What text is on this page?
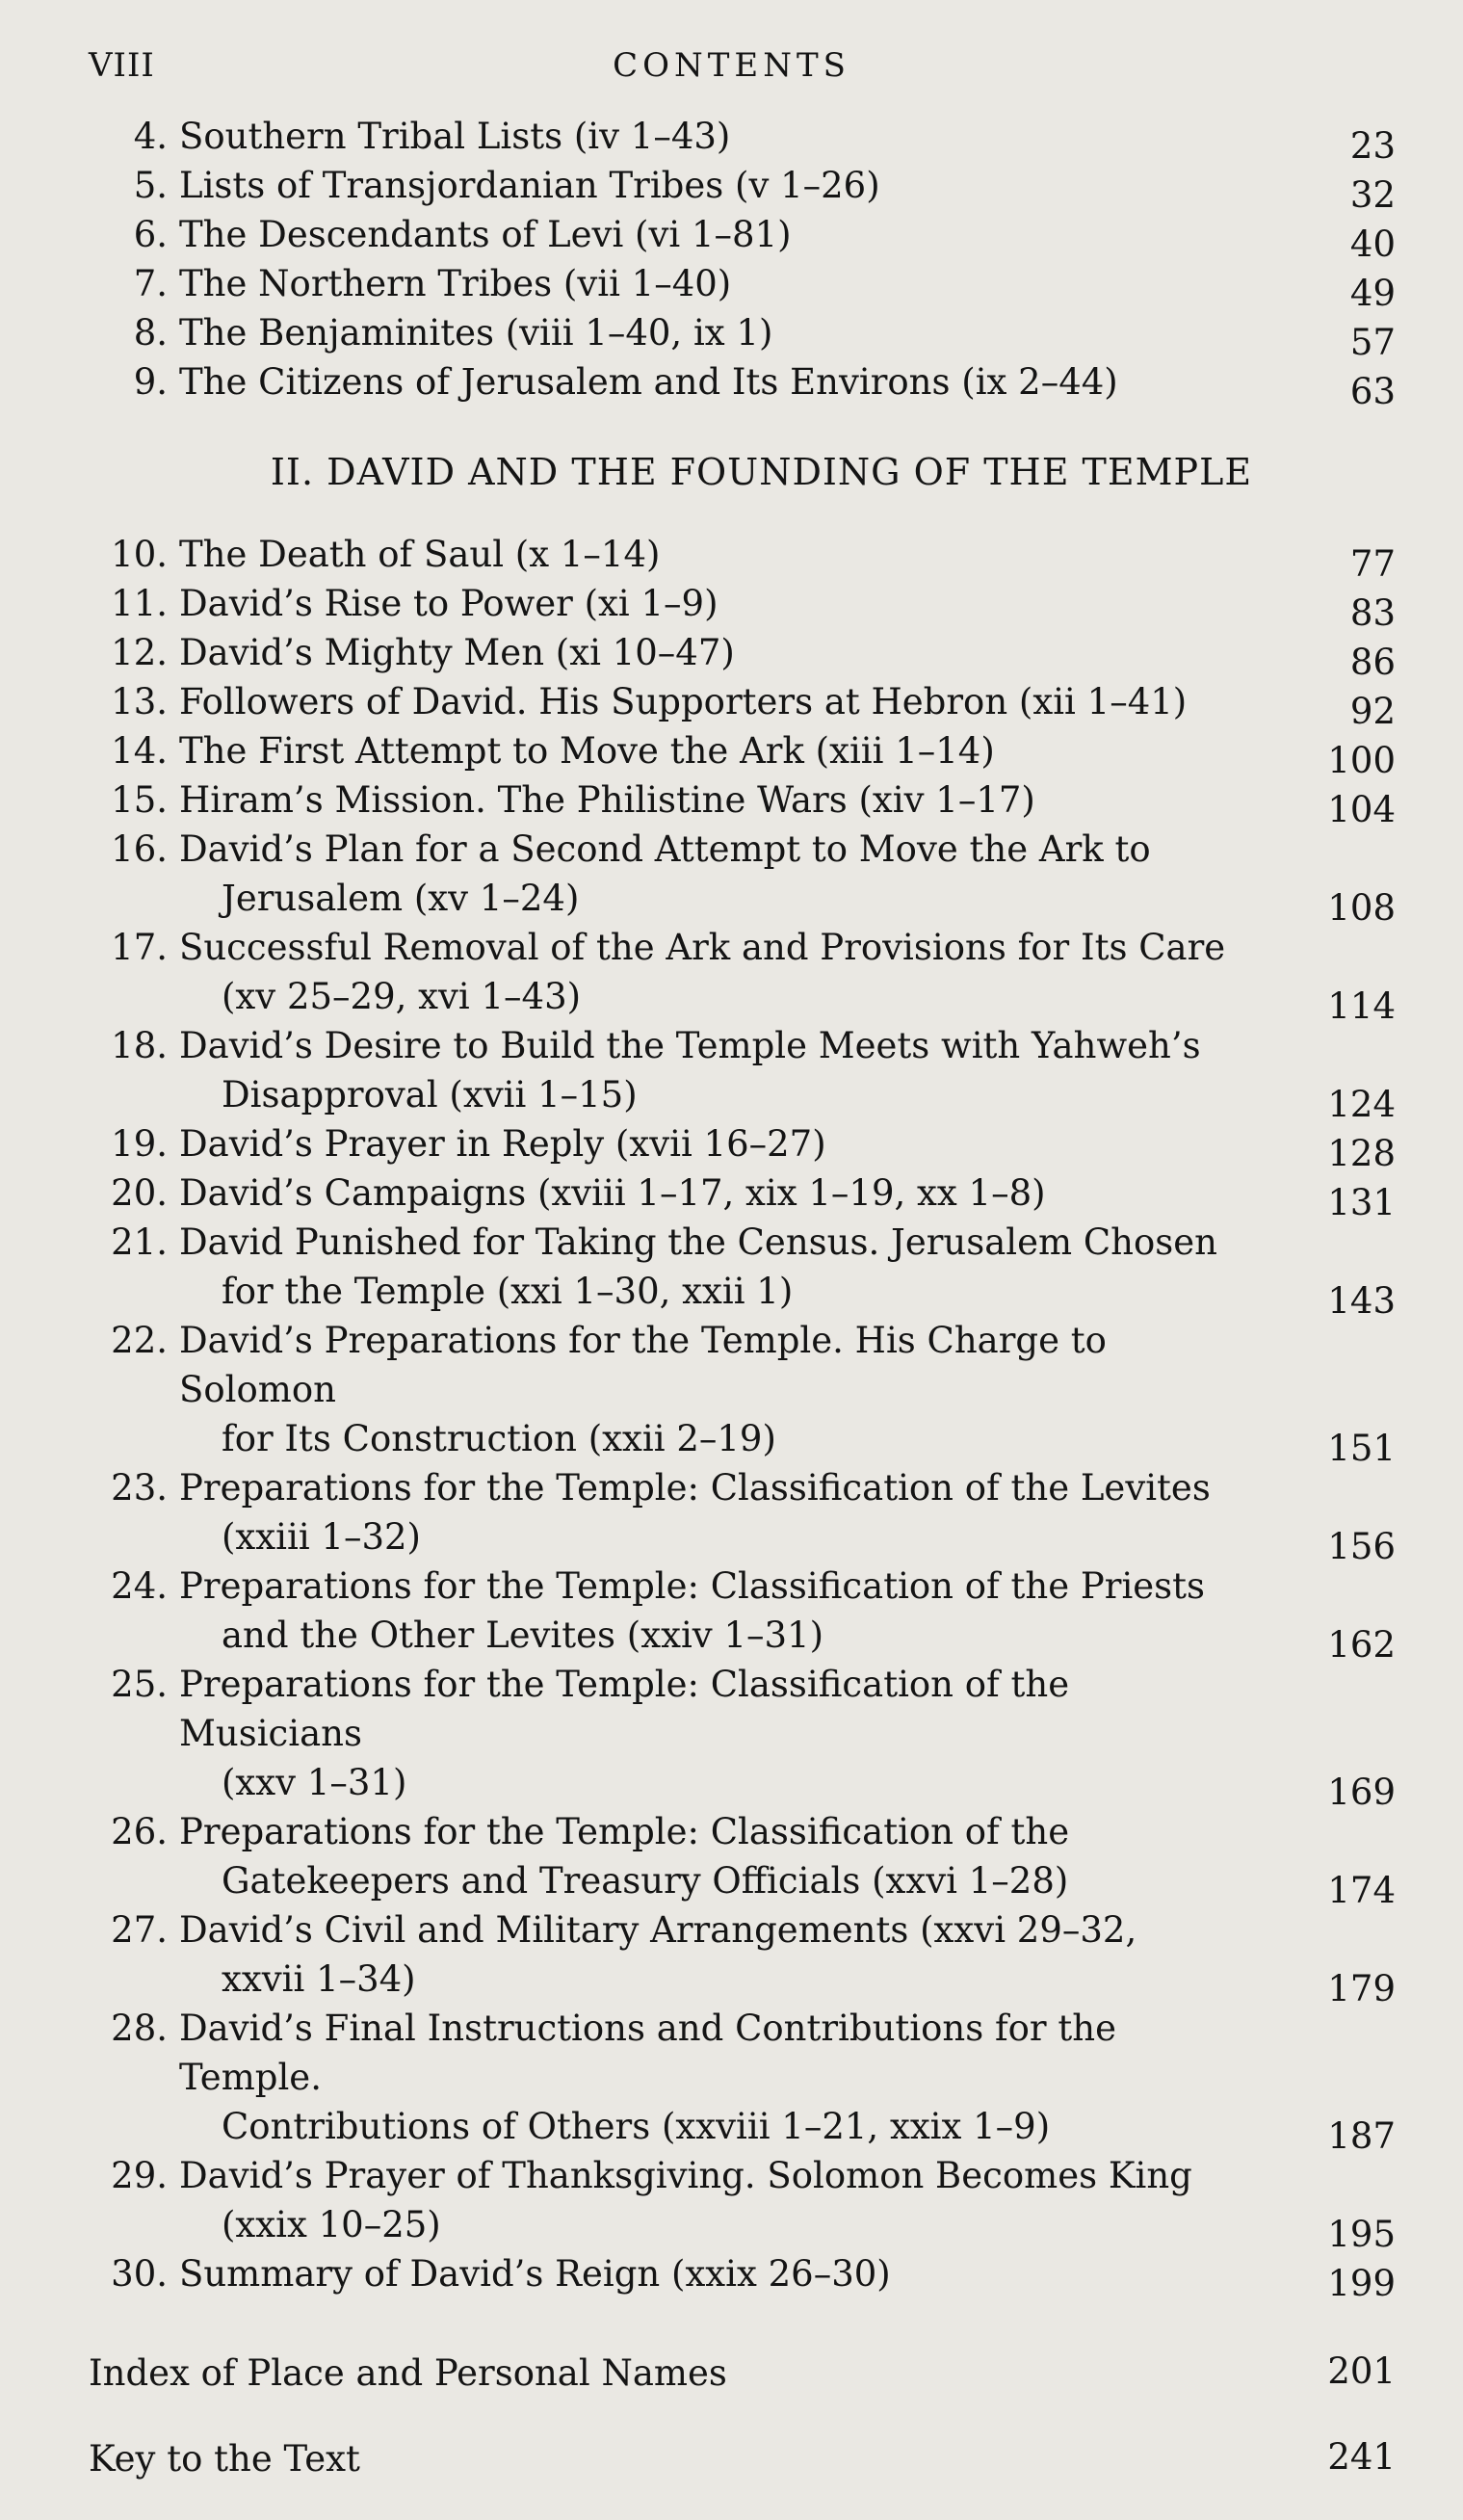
VIII	CONTENTS
4. Southern Tribal Lists (iv 1–43)	23
5. Lists of Transjordanian Tribes (v 1–26)	32
6. The Descendants of Levi (vi 1–81)	40
7. The Northern Tribes (vii 1–40)	49
8. The Benjaminites (viii 1–40, ix 1)	57
9. The Citizens of Jerusalem and Its Environs (ix 2–44)	63
II. DAVID AND THE FOUNDING OF THE TEMPLE
10. The Death of Saul (x 1–14)	77
11. David’s Rise to Power (xi 1–9)	83
12. David’s Mighty Men (xi 10–47)	86
13. Followers of David. His Supporters at Hebron (xii 1–41)	92
14. The First Attempt to Move the Ark (xiii 1–14)	100
15. Hiram’s Mission. The Philistine Wars (xiv 1–17)	104
16. David’s Plan for a Second Attempt to Move the Ark to
Jerusalem (xv 1–24)	108
17. Successful Removal of the Ark and Provisions for Its Care
(xv 25–29, xvi 1–43)	114
18. David’s Desire to Build the Temple Meets with Yahweh’s
Disapproval (xvii 1–15)	124
19. David’s Prayer in Reply (xvii 16–27)	128
20. David’s Campaigns (xviii 1–17, xix 1–19, xx 1–8)	131
21. David Punished for Taking the Census. Jerusalem Chosen
for the Temple (xxi 1–30, xxii 1)	143
22. David’s Preparations for the Temple. His Charge to Solomon
for Its Construction (xxii 2–19)	151
23. Preparations for the Temple: Classification of the Levites
(xxiii 1–32)	156
24. Preparations for the Temple: Classification of the Priests
and the Other Levites (xxiv 1–31)	162
25. Preparations for the Temple: Classification of the Musicians
(xxv 1–31)	169
26. Preparations for the Temple: Classification of the
Gatekeepers and Treasury Officials (xxvi 1–28)	174
27. David’s Civil and Military Arrangements (xxvi 29–32,
xxvii 1–34)	179
28. David’s Final Instructions and Contributions for the Temple.
Contributions of Others (xxviii 1–21, xxix 1–9)	187
29. David’s Prayer of Thanksgiving. Solomon Becomes King
(xxix 10–25)	195
30. Summary of David’s Reign (xxix 26–30)	199
Index of Place and Personal Names	201
Key to the Text	241
